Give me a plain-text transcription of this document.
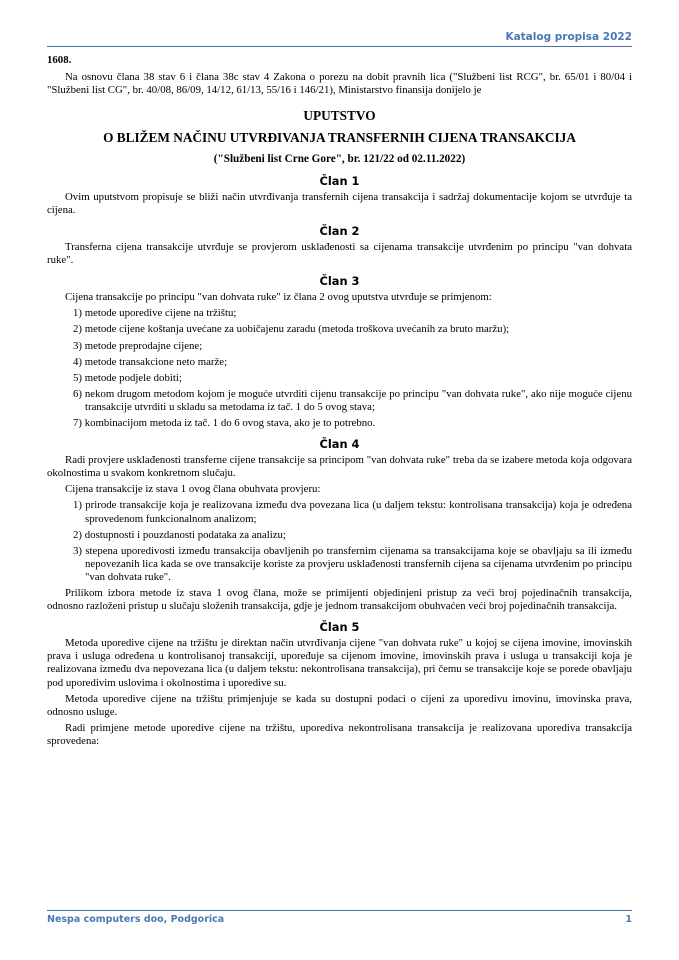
Katalog propisa 2022
1608.

Na osnovu člana 38 stav 6 i člana 38c stav 4 Zakona o porezu na dobit pravnih lica ("Službeni list RCG", br. 65/01 i 80/04 i "Službeni list CG", br. 40/08, 86/09, 14/12, 61/13, 55/16 i 146/21), Ministarstvo finansija donijelo je

UPUTSTVO
O BLIŽEM NAČINU UTVRĐIVANJA TRANSFERNIH CIJENA TRANSAKCIJA
("Službeni list Crne Gore", br. 121/22 od 02.11.2022)
Član 1

Ovim uputstvom propisuje se bliži način utvrđivanja transfernih cijena transakcija i sadržaj dokumentacije kojom se utvrđuje ta cijena.

Član 2

Transferna cijena transakcije utvrđuje se provjerom usklađenosti sa cijenama transakcije utvrđenim po principu "van dohvata ruke".

Član 3

Cijena transakcije po principu "van dohvata ruke" iz člana 2 ovog uputstva utvrđuje se primjenom:

1) metode uporedive cijene na tržištu;

2) metode cijene koštanja uvećane za uobičajenu zaradu (metoda troškova uvećanih za bruto maržu);

3) metode preprodajne cijene;

4) metode transakcione neto marže;

5) metode podjele dobiti;

6) nekom drugom metodom kojom je moguće utvrditi cijenu transakcije po principu "van dohvata ruke", ako nije moguće cijenu transakcije utvrditi u skladu sa metodama iz tač. 1 do 5 ovog stava;

7) kombinacijom metoda iz tač. 1 do 6 ovog stava, ako je to potrebno.

Član 4

Radi provjere usklađenosti transferne cijene transakcije sa principom "van dohvata ruke" treba da se izabere metoda koja odgovara okolnostima u svakom konkretnom slučaju.

Cijena transakcije iz stava 1 ovog člana obuhvata provjeru:

1) prirode transakcije koja je realizovana između dva povezana lica (u daljem tekstu: kontrolisana transakcija) koja je određena sprovedenom funkcionalnom analizom;

2) dostupnosti i pouzdanosti podataka za analizu;

3) stepena uporedivosti između transakcija obavljenih po transfernim cijenama sa transakcijama koje se obavljaju sa ili između nepovezanih lica kada se ove transakcije koriste za provjeru usklađenosti transfernih cijena sa cijenama utvrđenim po principu "van dohvata ruke".

Prilikom izbora metode iz stava 1 ovog člana, može se primijenti objedinjeni pristup za veći broj pojedinačnih transakcija, odnosno razloženi pristup u slučaju složenih transakcija, gdje je jednom transakcijom obuhvaćen veći broj pojedinačnih transakcija.

Član 5

Metoda uporedive cijene na tržištu je direktan način utvrđivanja cijene "van dohvata ruke" u kojoj se cijena imovine, imovinskih prava i usluga određena u kontrolisanoj transakciji, upoređuje sa cijenom imovine, imovinskih prava i usluga u transakciji koja je realizovana između dva nepovezana lica (u daljem tekstu: nekontrolisana transakcija), pri čemu se transakcije koje se porede obavljaju pod uporedivim uslovima i okolnostima i uporedive su.

Metoda uporedive cijene na tržištu primjenjuje se kada su dostupni podaci o cijeni za uporedivu imovinu, imovinska prava, odnosno usluge.

Radi primjene metode uporedive cijene na tržištu, uporediva nekontrolisana transakcija je realizovana uporediva transakcija sprovedena:

Nespa computers doo, Podgorica	1
